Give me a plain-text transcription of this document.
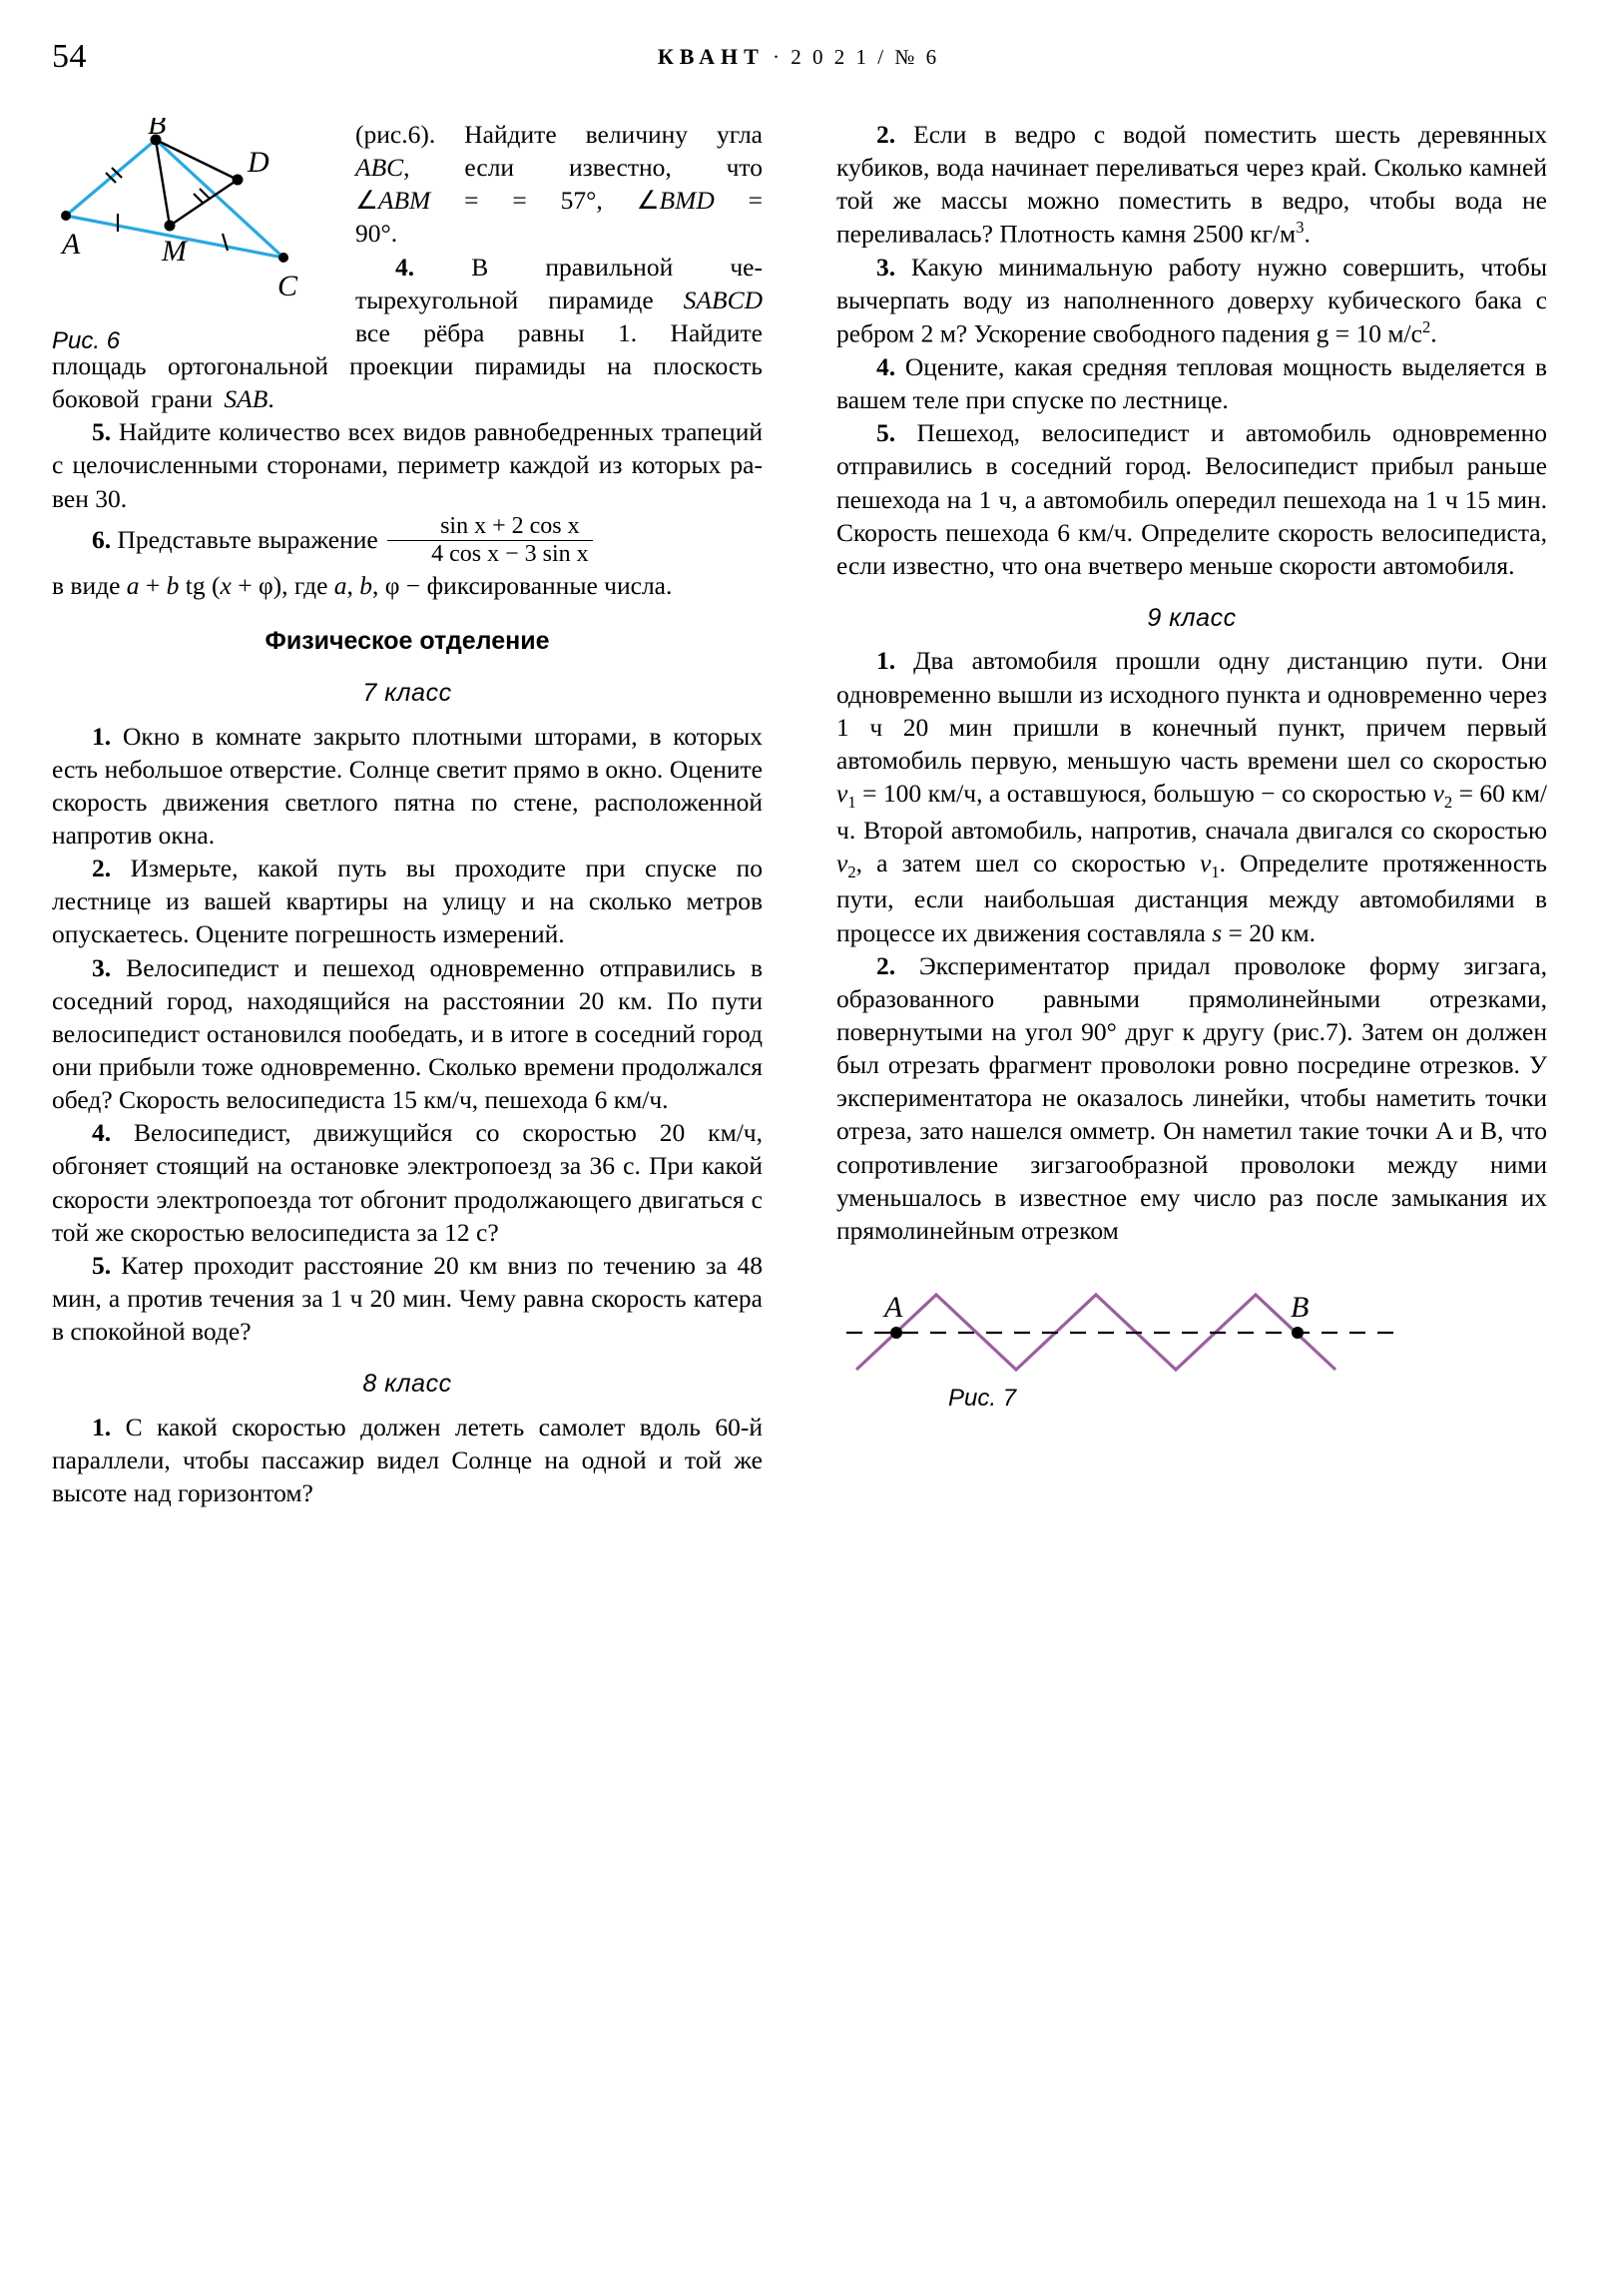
54	КВАНТ · 2 0 2 1 / № 6
B
A
D
C
M
Рис. 6

(рис.6). Найдите величину угла ABC, если известно, что ∠ABM = = 57°, ∠BMD = 90°.

4. В правильной четырехугольной пирамиде SABCD все рёбра равны 1. Найдите площадь ортогональной проекции пирамиды на плоскость боковой грани SAB.

5. Найдите количество всех видов равнобедренных трапеций с целочисленными сторонами, периметр каждой из которых равен 30.

6. Представьте выражение $\frac{\text{sin x + 2 cos x}}{\text{4 cos x − 3 sin x}}$

в виде a + b tg (x + φ), где a, b, φ − фиксированные числа.

Физическое отделение
7 класс

1. Окно в комнате закрыто плотными шторами, в которых есть небольшое отверстие. Солнце светит прямо в окно. Оцените скорость движения светлого пятна по стене, расположенной напротив окна.

2. Измерьте, какой путь вы проходите при спуске по лестнице из вашей квартиры на улицу и на сколько метров опускаетесь. Оцените погрешность измерений.

3. Велосипедист и пешеход одновременно отправились в соседний город, находящийся на расстоянии 20 км. По пути велосипедист остановился пообедать, и в итоге в соседний город они прибыли тоже одновременно. Сколько времени продолжался обед? Скорость велосипедиста 15 км/ч, пешехода 6 км/ч.

4. Велосипедист, движущийся со скоростью 20 км/ч, обгоняет стоящий на остановке электропоезд за 36 с. При какой скорости электропоезда тот обгонит продолжающего двигаться с той же скоростью велосипедиста за 12 с?

5. Катер проходит расстояние 20 км вниз по течению за 48 мин, а против течения за 1 ч 20 мин. Чему равна скорость катера в спокойной воде?

8 класс

1. С какой скоростью должен лететь самолет вдоль 60-й параллели, чтобы пассажир видел Солнце на одной и той же высоте над горизонтом?

2. Если в ведро с водой поместить шесть деревянных кубиков, вода начинает переливаться через край. Сколько камней той же массы можно поместить в ведро, чтобы вода не переливалась? Плотность камня 2500 $кг/м^3$.

3. Какую минимальную работу нужно совершить, чтобы вычерпать воду из наполненного доверху кубического бака с ребром 2 м? Ускорение свободного падения g = 10 $м/с^2$.

4. Оцените, какая средняя тепловая мощность выделяется в вашем теле при спуске по лестнице.

5. Пешеход, велосипедист и автомобиль одновременно отправились в соседний город. Велосипедист прибыл раньше пешехода на 1 ч, а автомобиль опередил пешехода на 1 ч 15 мин. Скорость пешехода 6 км/ч. Определите скорость велосипедиста, если известно, что она вчетверо меньше скорости автомобиля.

9 класс

1. Два автомобиля прошли одну дистанцию пути. Они одновременно вышли из исходного пункта и одновременно через 1 ч 20 мин пришли в конечный пункт, причем первый автомобиль первую, меньшую часть времени шел со скоростью $v_1 = 100$ км/ч, а оставшуюся, большую − со скоростью $v_2 = 60$ км/ч. Второй автомобиль, напротив, сначала двигался со скоростью $v_2$, а затем шел со скоростью $v_1$. Определите протяженность пути, если наибольшая дистанция между автомобилями в процессе их движения составляла s = 20 км.

2. Экспериментатор придал проволоке форму зигзага, образованного равными прямолинейными отрезками, повернутыми на угол 90° друг к другу (рис.7). Затем он должен был отрезать фрагмент проволоки ровно посредине отрезков. У экспериментатора не оказалось линейки, чтобы наметить точки отреза, зато нашелся омметр. Он наметил такие точки A и B, что сопротивление зигзагообразной проволоки между ними уменьшалось в известное ему число раз после замыкания их прямолинейным отрезком

A	B
Рис. 7
